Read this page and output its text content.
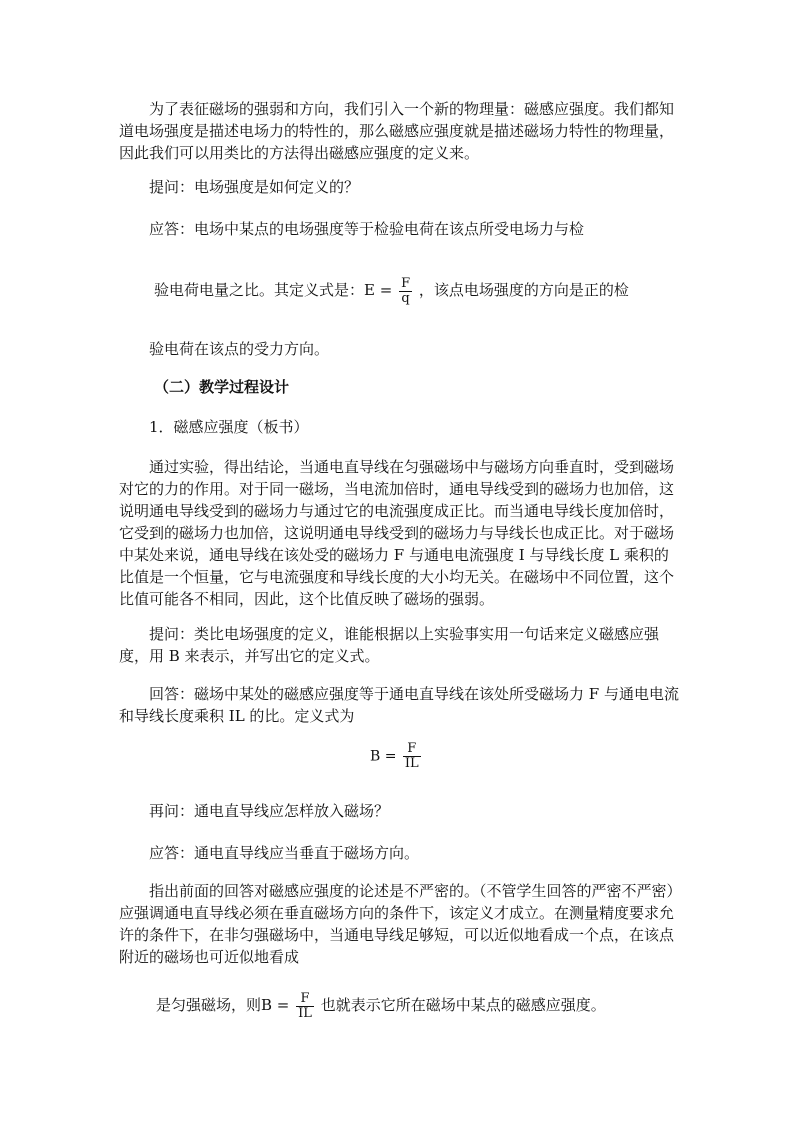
为了表征磁场的强弱和方向，我们引入一个新的物理量：磁感应强度。我们都知道电场强度是描述电场力的特性的，那么磁感应强度就是描述磁场力特性的物理量，因此我们可以用类比的方法得出磁感应强度的定义来。

提问：电场强度是如何定义的？

应答：电场中某点的电场强度等于检验电荷在该点所受电场力与检

验电荷电量之比。其定义式是：$E = \frac{F}{q}$ ，该点电场强度的方向是正的检

验电荷在该点的受力方向。

（二）教学过程设计

1．磁感应强度（板书）

通过实验，得出结论，当通电直导线在匀强磁场中与磁场方向垂直时，受到磁场对它的力的作用。对于同一磁场，当电流加倍时，通电导线受到的磁场力也加倍，这说明通电导线受到的磁场力与通过它的电流强度成正比。而当通电导线长度加倍时，它受到的磁场力也加倍，这说明通电导线受到的磁场力与导线长也成正比。对于磁场中某处来说，通电导线在该处受的磁场力 F 与通电电流强度 I 与导线长度 L 乘积的比值是一个恒量，它与电流强度和导线长度的大小均无关。在磁场中不同位置，这个比值可能各不相同，因此，这个比值反映了磁场的强弱。

提问：类比电场强度的定义，谁能根据以上实验事实用一句话来定义磁感应强度，用 B 来表示，并写出它的定义式。

回答：磁场中某处的磁感应强度等于通电直导线在该处所受磁场力 F 与通电电流和导线长度乘积 IL 的比。定义式为

$B = \frac{F}{IL}$

再问：通电直导线应怎样放入磁场？

应答：通电直导线应当垂直于磁场方向。

指出前面的回答对磁感应强度的论述是不严密的。（不管学生回答的严密不严密）应强调通电直导线必须在垂直磁场方向的条件下，该定义才成立。在测量精度要求允许的条件下，在非匀强磁场中，当通电导线足够短，可以近似地看成一个点，在该点附近的磁场也可近似地看成

是匀强磁场，则$B = \frac{F}{IL}$ 也就表示它所在磁场中某点的磁感应强度。
